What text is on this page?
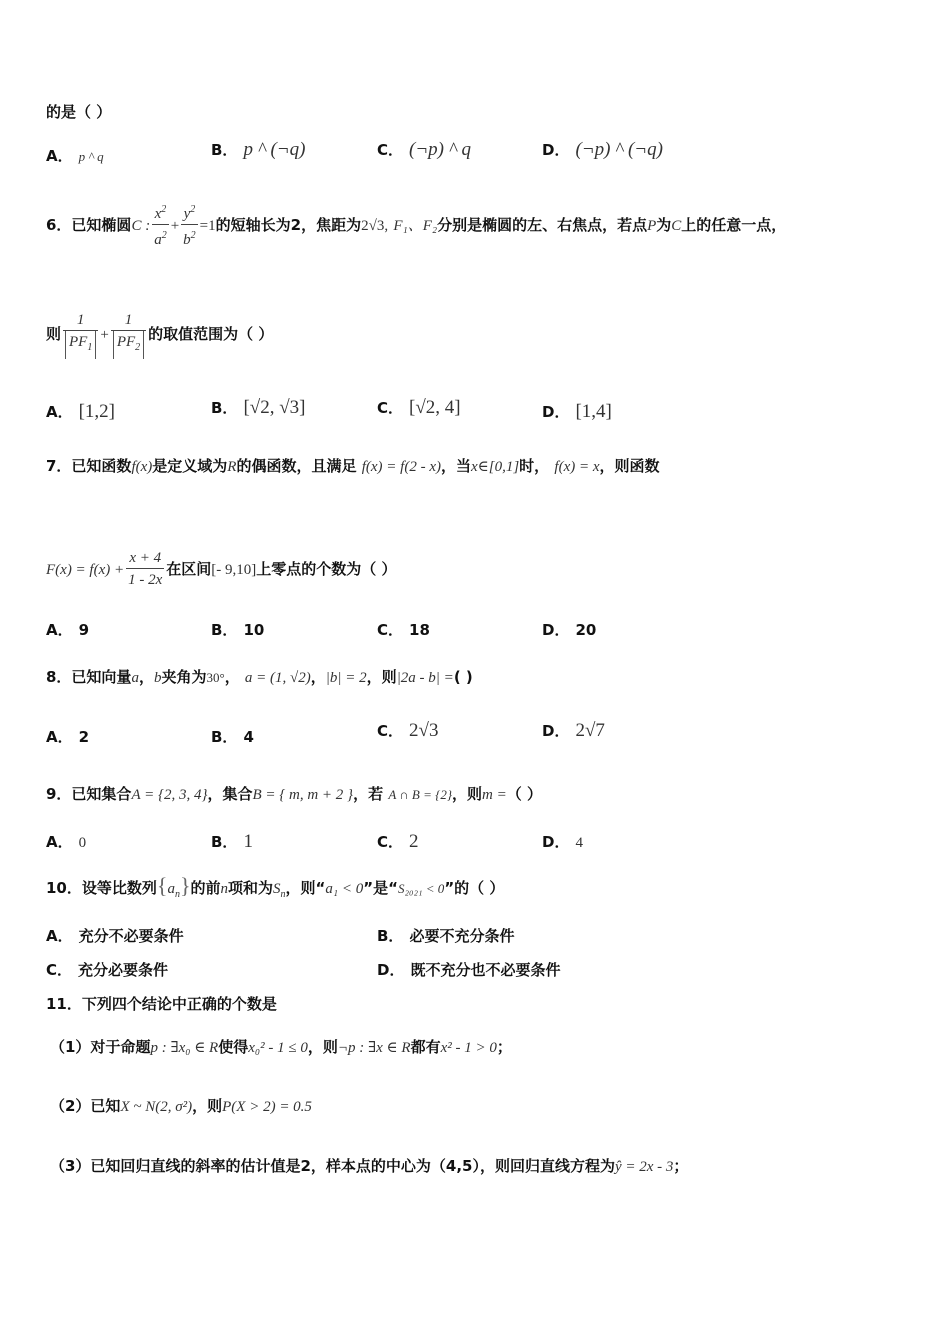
的是（ ）
A． p ^ q	B． p ^ (¬q)	C． (¬p) ^ q	D． (¬p) ^ (¬q)
6．已知椭圆C : $\frac{x^2}{a^2} + \frac{y^2}{b^2} =1$的短轴长为2，焦距为2√3, F₁、F₂分别是椭圆的左、右焦点，若点P为C上的任意一点，
则 $\frac{1}{PF_1} + \frac{1}{PF_2}$ 的取值范围为（ ）
A． [1,2]	B． [√2, √3]	C． [√2, 4]	D． [1,4]
7．已知函数f(x)是定义域为R的偶函数，且满足 f(x) = f(2 - x)，当x∈[0,1]时， f(x) = x，则函数
$F(x) = f(x) + \frac{x + 4}{1 - 2x}$ 在区间[- 9,10]上零点的个数为（ ）
A． 9	B． 10	C． 18	D． 20
8．已知向量a，b夹角为30°， a = (1, √2)，|b| = 2，则|2a - b| =( )
A． 2	B． 4	C． 2√3	D． 2√7
9．已知集合A = {2, 3, 4}，集合B = { m, m + 2 }，若 A ∩ B = {2}，则m =（ ）
A． 0	B． 1	C． 2	D． 4
10．设等比数列$\{a_n\}$的前n项和为$S_n$，则“a₁ < 0”是“S₂₀₂₁ < 0”的（ ）
A． 充分不必要条件	B． 必要不充分条件
C． 充分必要条件	D． 既不充分也不必要条件
11．下列四个结论中正确的个数是
（1）对于命题p : ∃x₀ ∈ R使得x₀² - 1 ≤ 0，则¬p : ∃x ∈ R都有x² - 1 > 0；
（2）已知X ~ N(2, σ²)，则P(X > 2) = 0.5
（3）已知回归直线的斜率的估计值是2，样本点的中心为（4,5），则回归直线方程为ŷ = 2x - 3；
